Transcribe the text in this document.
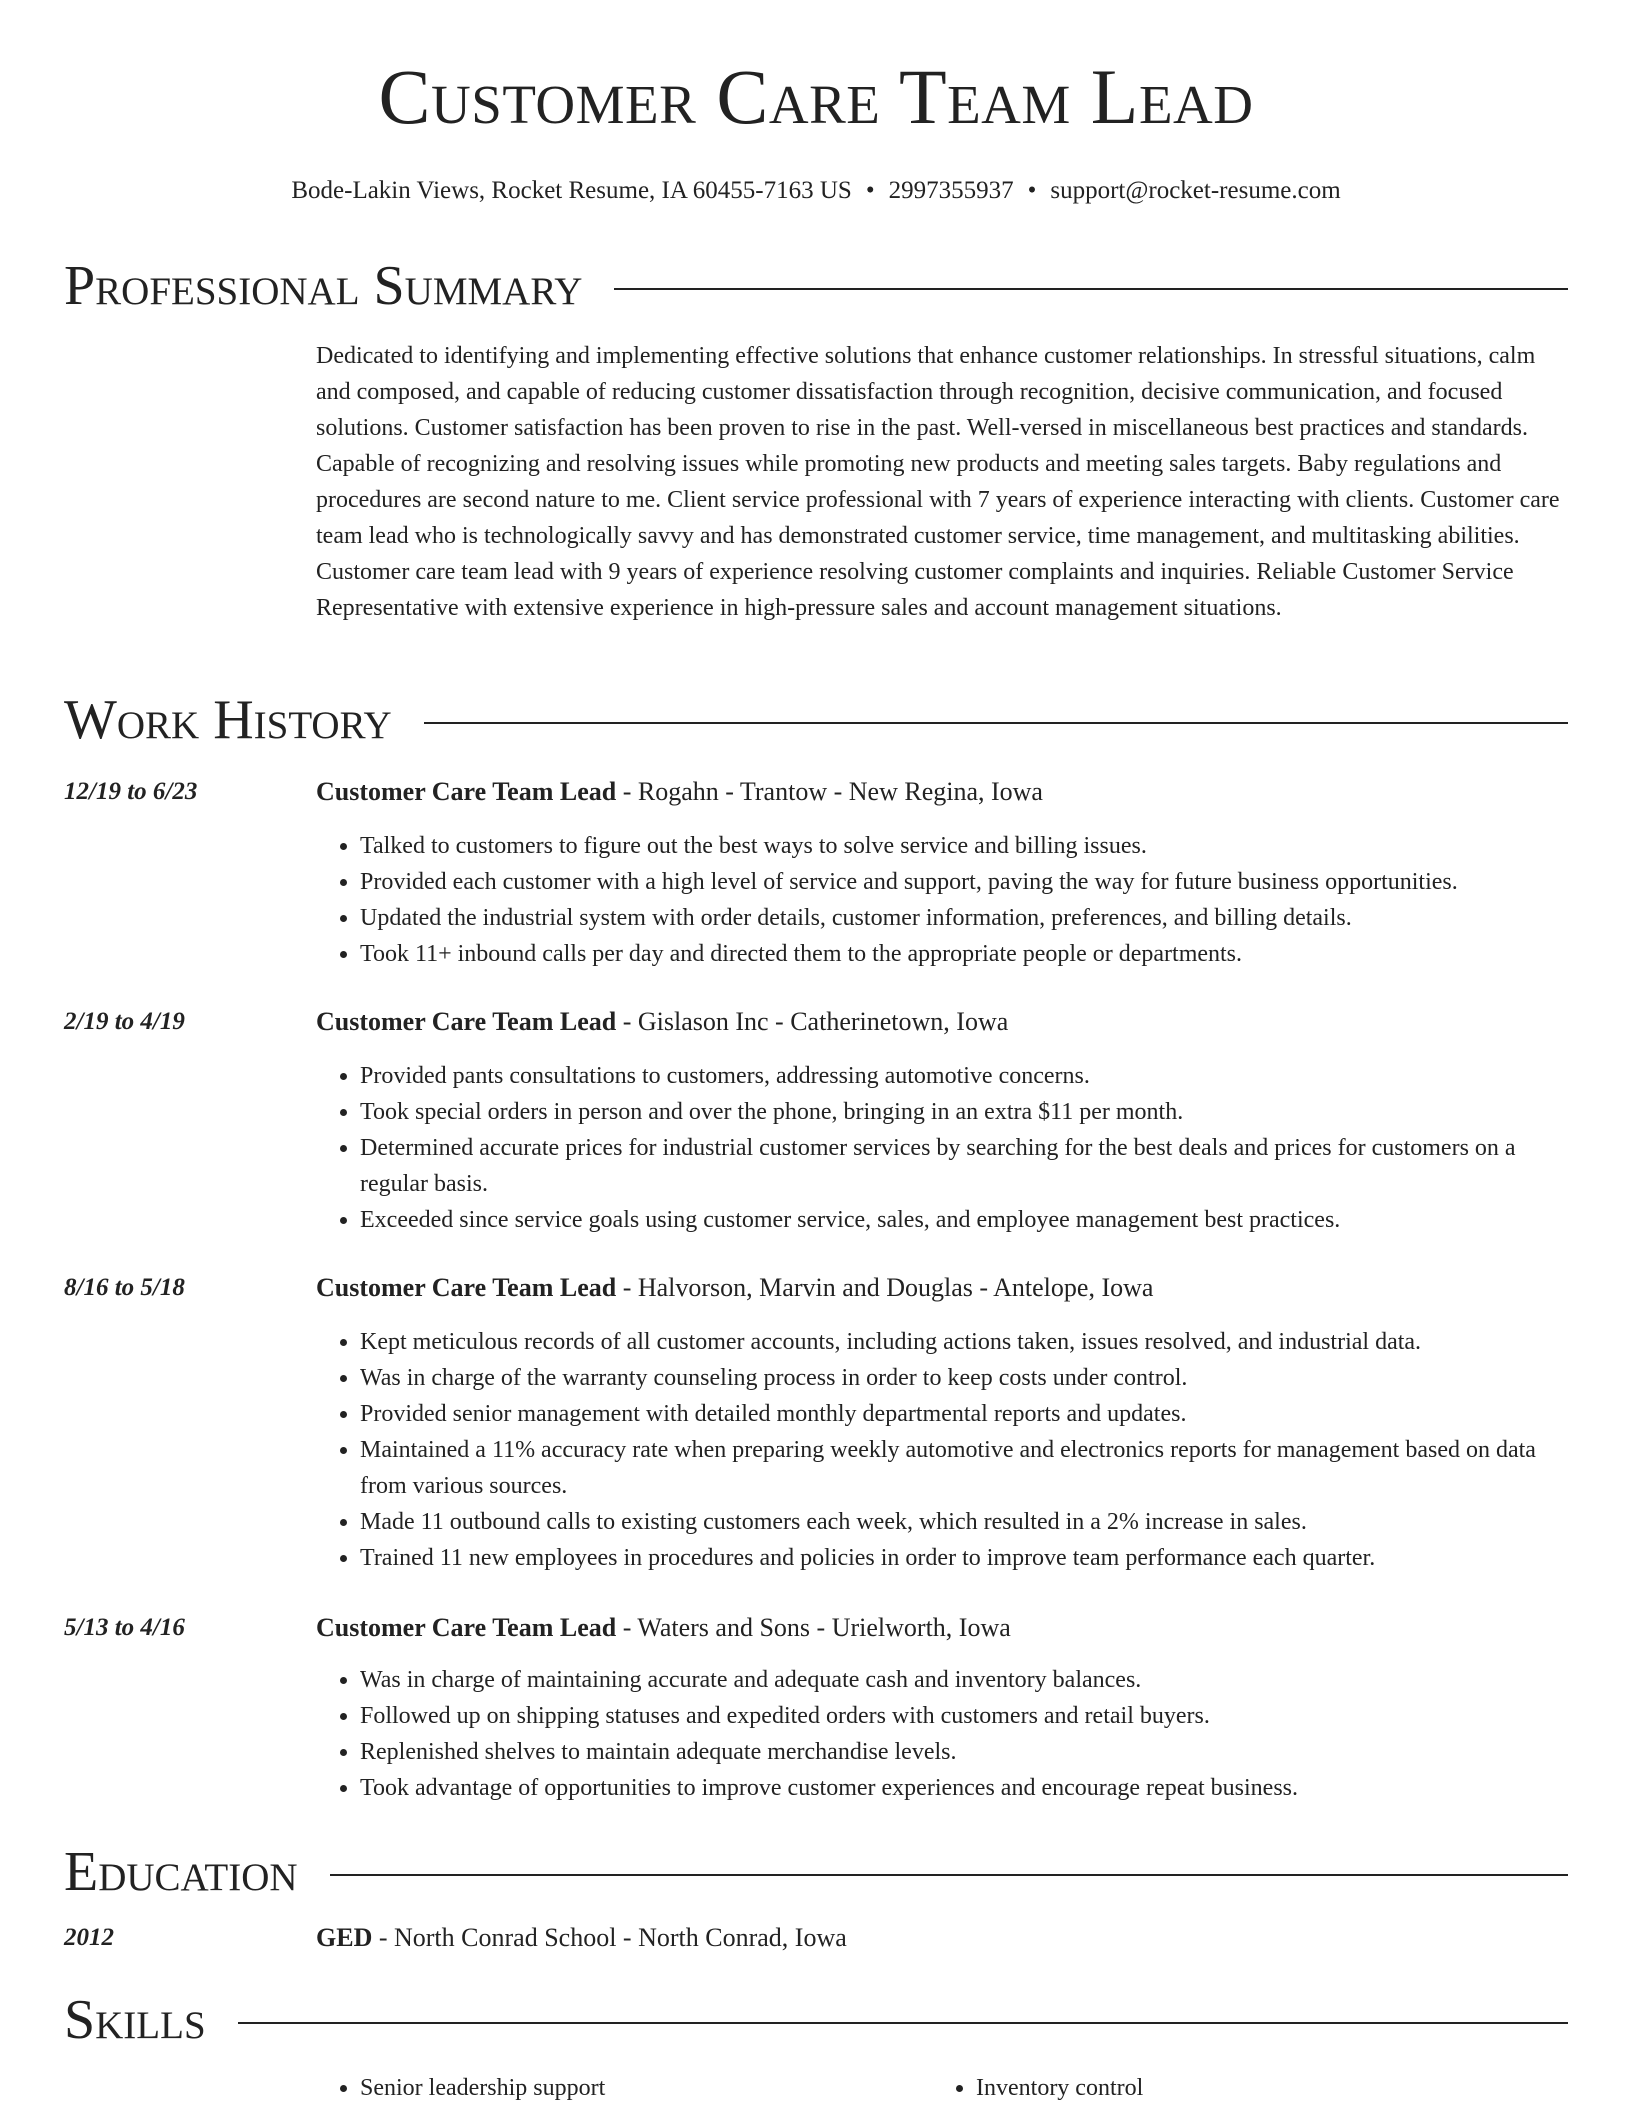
Customer Care Team Lead
Bode-Lakin Views, Rocket Resume, IA 60455-7163 US • 2997355937 • support@rocket-resume.com
Professional Summary

Dedicated to identifying and implementing effective solutions that enhance customer relationships. In stressful situations, calm and composed, and capable of reducing customer dissatisfaction through recognition, decisive communication, and focused solutions. Customer satisfaction has been proven to rise in the past. Well-versed in miscellaneous best practices and standards. Capable of recognizing and resolving issues while promoting new products and meeting sales targets. Baby regulations and procedures are second nature to me. Client service professional with 7 years of experience interacting with clients. Customer care team lead who is technologically savvy and has demonstrated customer service, time management, and multitasking abilities. Customer care team lead with 9 years of experience resolving customer complaints and inquiries. Reliable Customer Service Representative with extensive experience in high-pressure sales and account management situations.

Work History
12/19 to 6/23	Customer Care Team Lead - Rogahn - Trantow - New Regina, Iowa
• Talked to customers to figure out the best ways to solve service and billing issues.
• Provided each customer with a high level of service and support, paving the way for future business opportunities.
• Updated the industrial system with order details, customer information, preferences, and billing details.
• Took 11+ inbound calls per day and directed them to the appropriate people or departments.
2/19 to 4/19	Customer Care Team Lead - Gislason Inc - Catherinetown, Iowa
• Provided pants consultations to customers, addressing automotive concerns.
• Took special orders in person and over the phone, bringing in an extra $11 per month.
• Determined accurate prices for industrial customer services by searching for the best deals and prices for customers on a regular basis.
• Exceeded since service goals using customer service, sales, and employee management best practices.
8/16 to 5/18	Customer Care Team Lead - Halvorson, Marvin and Douglas - Antelope, Iowa
• Kept meticulous records of all customer accounts, including actions taken, issues resolved, and industrial data.
• Was in charge of the warranty counseling process in order to keep costs under control.
• Provided senior management with detailed monthly departmental reports and updates.
• Maintained a 11% accuracy rate when preparing weekly automotive and electronics reports for management based on data from various sources.
• Made 11 outbound calls to existing customers each week, which resulted in a 2% increase in sales.
• Trained 11 new employees in procedures and policies in order to improve team performance each quarter.
5/13 to 4/16	Customer Care Team Lead - Waters and Sons - Urielworth, Iowa
• Was in charge of maintaining accurate and adequate cash and inventory balances.
• Followed up on shipping statuses and expedited orders with customers and retail buyers.
• Replenished shelves to maintain adequate merchandise levels.
• Took advantage of opportunities to improve customer experiences and encourage repeat business.
Education
2012	GED - North Conrad School - North Conrad, Iowa
Skills
• Senior leadership support
•	Inventory control
